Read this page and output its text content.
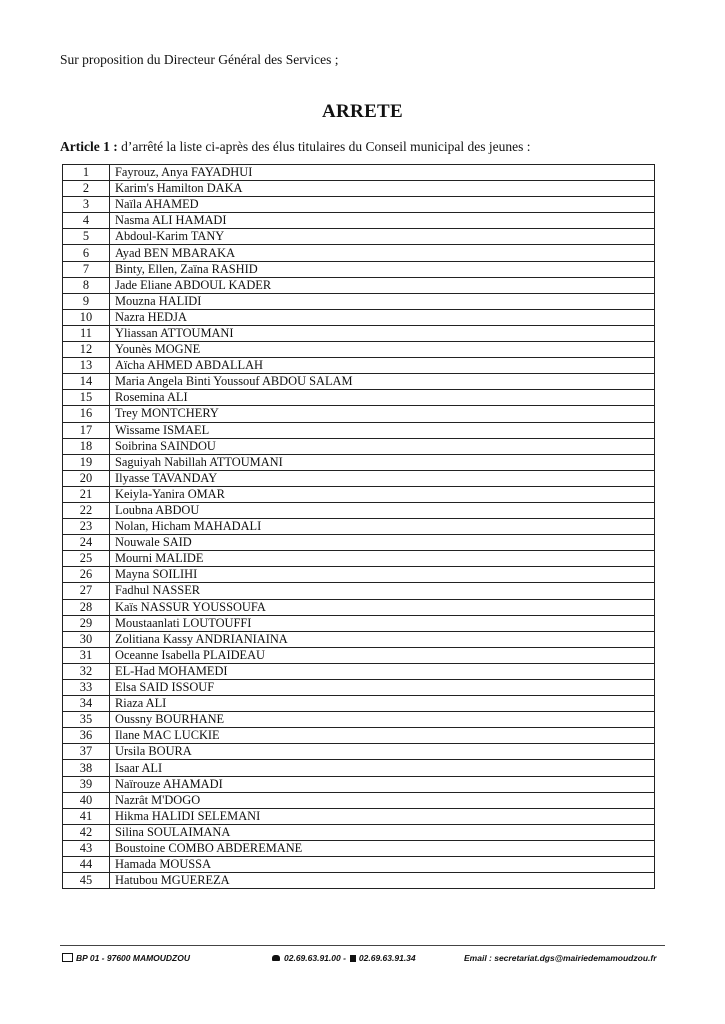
Sur proposition du Directeur Général des Services ;
ARRETE
Article 1 : d’arrêté la liste ci-après des élus titulaires du Conseil municipal des jeunes :
1	Fayrouz, Anya FAYADHUI
2	Karim's Hamilton DAKA
3	Naïla AHAMED
4	Nasma ALI HAMADI
5	Abdoul-Karim TANY
6	Ayad BEN MBARAKA
7	Binty, Ellen, Zaïna RASHID
8	Jade Eliane ABDOUL KADER
9	Mouzna HALIDI
10	Nazra HEDJA
11	Yliassan ATTOUMANI
12	Younès MOGNE
13	Aïcha AHMED ABDALLAH
14	Maria Angela Binti Youssouf ABDOU SALAM
15	Rosemina ALI
16	Trey MONTCHERY
17	Wissame ISMAEL
18	Soibrina SAINDOU
19	Saguiyah Nabillah ATTOUMANI
20	Ilyasse TAVANDAY
21	Keiyla-Yanira OMAR
22	Loubna ABDOU
23	Nolan, Hicham MAHADALI
24	Nouwale SAID
25	Mourni MALIDE
26	Mayna SOILIHI
27	Fadhul NASSER
28	Kaïs NASSUR YOUSSOUFA
29	Moustaanlati LOUTOUFFI
30	Zolitiana Kassy ANDRIANIAINA
31	Oceanne Isabella PLAIDEAU
32	EL-Had MOHAMEDI
33	Elsa SAID ISSOUF
34	Riaza ALI
35	Oussny BOURHANE
36	Ilane MAC LUCKIE
37	Ursila BOURA
38	Isaar ALI
39	Naïrouze AHAMADI
40	Nazrât M'DOGO
41	Hikma HALIDI SELEMANI
42	Silina SOULAIMANA
43	Boustoine COMBO ABDEREMANE
44	Hamada MOUSSA
45	Hatubou MGUEREZA
BP 01 - 97600 MAMOUDZOU	02.69.63.91.00 - 02.69.63.91.34	Email : secretariat.dgs@mairiedemamoudzou.fr
